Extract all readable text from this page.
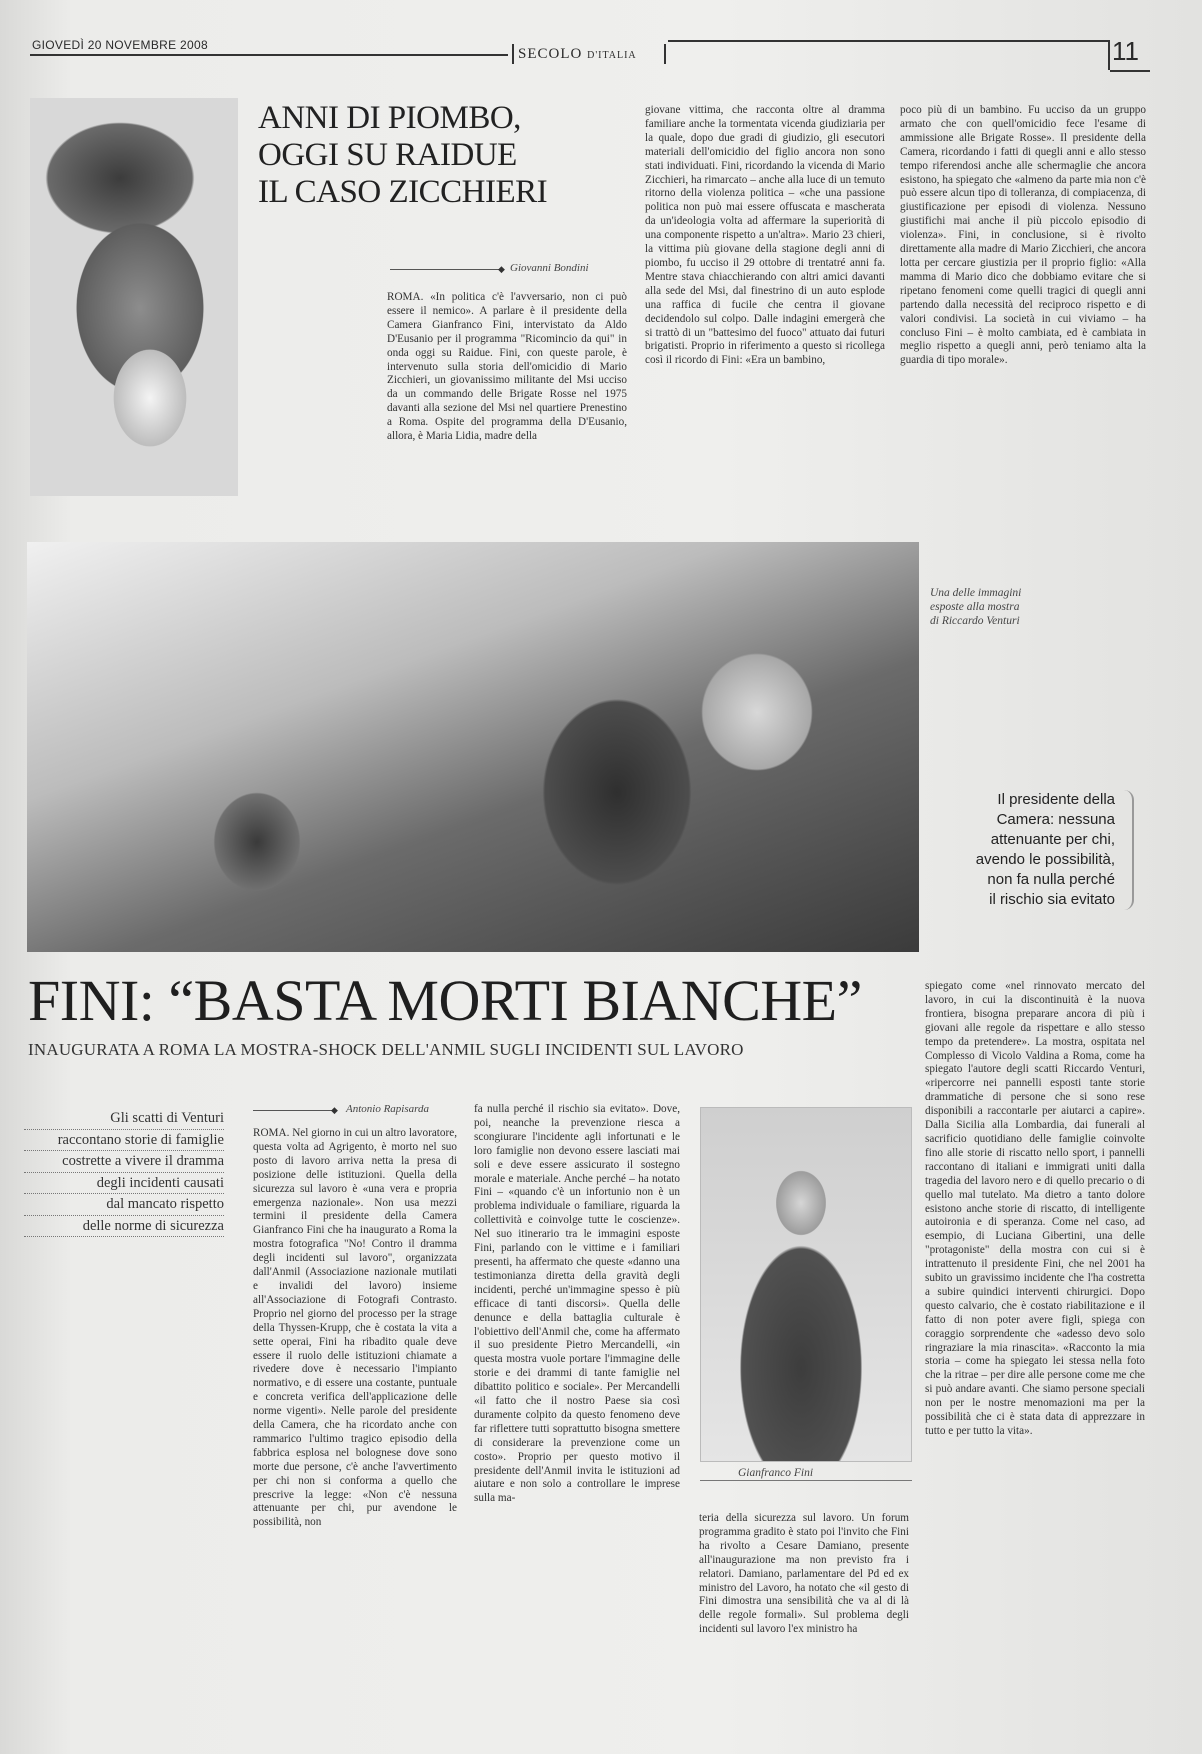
GIOVEDÌ 20 NOVEMBRE 2008
SECOLO D'ITALIA	11
ANNI DI PIOMBO,
OGGI SU RAIDUE
IL CASO ZICCHIERI
◆ Giovanni Bondini
ROMA. «In politica c'è l'avversario, non ci può essere il nemico». A parlare è il presidente della Camera Gianfranco Fini, intervistato da Aldo D'Eusanio per il programma "Ricomincio da qui" in onda oggi su Raidue. Fini, con queste parole, è intervenuto sulla storia dell'omicidio di Mario Zicchieri, un giovanissimo militante del Msi ucciso da un commando delle Brigate Rosse nel 1975 davanti alla sezione del Msi nel quartiere Prenestino a Roma. Ospite del programma della D'Eusanio, allora, è Maria Lidia, madre della
giovane vittima, che racconta oltre al dramma familiare anche la tormentata vicenda giudiziaria per la quale, dopo due gradi di giudizio, gli esecutori materiali dell'omicidio del figlio ancora non sono stati individuati. Fini, ricordando la vicenda di Mario Zicchieri, ha rimarcato – anche alla luce di un temuto ritorno della violenza politica – «che una passione politica non può mai essere offuscata e mascherata da un'ideologia volta ad affermare la superiorità di una componente rispetto a un'altra». Mario 23 chieri, la vittima più giovane della stagione degli anni di piombo, fu ucciso il 29 ottobre di trentatré anni fa. Mentre stava chiacchierando con altri amici davanti alla sede del Msi, dal finestrino di un auto esplode una raffica di fucile che centra il giovane decidendolo sul colpo. Dalle indagini emergerà che si trattò di un "battesimo del fuoco" attuato dai futuri brigatisti. Proprio in riferimento a questo si ricollega così il ricordo di Fini: «Era un bambino,
poco più di un bambino. Fu ucciso da un gruppo armato che con quell'omicidio fece l'esame di ammissione alle Brigate Rosse». Il presidente della Camera, ricordando i fatti di quegli anni e allo stesso tempo riferendosi anche alle schermaglie che ancora esistono, ha spiegato che «almeno da parte mia non c'è può essere alcun tipo di tolleranza, di compiacenza, di giustificazione per episodi di violenza. Nessuno giustifichi mai anche il più piccolo episodio di violenza». Fini, in conclusione, si è rivolto direttamente alla madre di Mario Zicchieri, che ancora lotta per cercare giustizia per il proprio figlio: «Alla mamma di Mario dico che dobbiamo evitare che si ripetano fenomeni come quelli tragici di quegli anni partendo dalla necessità del reciproco rispetto e di valori condivisi. La società in cui viviamo – ha concluso Fini – è molto cambiata, ed è cambiata in meglio rispetto a quegli anni, però teniamo alta la guardia di tipo morale».
Una delle immagini
esposte alla mostra
di Riccardo Venturi
Il presidente della
Camera: nessuna
attenuante per chi,
avendo le possibilità,
non fa nulla perché
il rischio sia evitato
FINI: “BASTA MORTI BIANCHE”
INAUGURATA A ROMA LA MOSTRA-SHOCK DELL'ANMIL SUGLI INCIDENTI SUL LAVORO
Gli scatti di Venturi
raccontano storie di famiglie
costrette a vivere il dramma
degli incidenti causati
dal mancato rispetto
delle norme di sicurezza
◆ Antonio Rapisarda
ROMA. Nel giorno in cui un altro lavoratore, questa volta ad Agrigento, è morto nel suo posto di lavoro arriva netta la presa di posizione delle istituzioni. Quella della sicurezza sul lavoro è «una vera e propria emergenza nazionale». Non usa mezzi termini il presidente della Camera Gianfranco Fini che ha inaugurato a Roma la mostra fotografica "No! Contro il dramma degli incidenti sul lavoro", organizzata dall'Anmil (Associazione nazionale mutilati e invalidi del lavoro) insieme all'Associazione di Fotografi Contrasto. Proprio nel giorno del processo per la strage della Thyssen-Krupp, che è costata la vita a sette operai, Fini ha ribadito quale deve essere il ruolo delle istituzioni chiamate a rivedere dove è necessario l'impianto normativo, e di essere una costante, puntuale e concreta verifica dell'applicazione delle norme vigenti». Nelle parole del presidente della Camera, che ha ricordato anche con rammarico l'ultimo tragico episodio della fabbrica esplosa nel bolognese dove sono morte due persone, c'è anche l'avvertimento per chi non si conforma a quello che prescrive la legge: «Non c'è nessuna attenuante per chi, pur avendone le possibilità, non
fa nulla perché il rischio sia evitato». Dove, poi, neanche la prevenzione riesca a scongiurare l'incidente agli infortunati e le loro famiglie non devono essere lasciati mai soli e deve essere assicurato il sostegno morale e materiale. Anche perché – ha notato Fini – «quando c'è un infortunio non è un problema individuale o familiare, riguarda la collettività e coinvolge tutte le coscienze». Nel suo itinerario tra le immagini esposte Fini, parlando con le vittime e i familiari presenti, ha affermato che queste «danno una testimonianza diretta della gravità degli incidenti, perché un'immagine spesso è più efficace di tanti discorsi». Quella delle denunce e della battaglia culturale è l'obiettivo dell'Anmil che, come ha affermato il suo presidente Pietro Mercandelli, «in questa mostra vuole portare l'immagine delle storie e dei drammi di tante famiglie nel dibattito politico e sociale». Per Mercandelli «il fatto che il nostro Paese sia così duramente colpito da questo fenomeno deve far riflettere tutti soprattutto bisogna smettere di considerare la prevenzione come un costo». Proprio per questo motivo il presidente dell'Anmil invita le istituzioni ad aiutare e non solo a controllare le imprese sulla ma-
Gianfranco Fini
teria della sicurezza sul lavoro. Un forum programma gradito è stato poi l'invito che Fini ha rivolto a Cesare Damiano, presente all'inaugurazione ma non previsto fra i relatori. Damiano, parlamentare del Pd ed ex ministro del Lavoro, ha notato che «il gesto di Fini dimostra una sensibilità che va al di là delle regole formali». Sul problema degli incidenti sul lavoro l'ex ministro ha
spiegato come «nel rinnovato mercato del lavoro, in cui la discontinuità è la nuova frontiera, bisogna preparare ancora di più i giovani alle regole da rispettare e allo stesso tempo da pretendere». La mostra, ospitata nel Complesso di Vicolo Valdina a Roma, come ha spiegato l'autore degli scatti Riccardo Venturi, «ripercorre nei pannelli esposti tante storie drammatiche di persone che si sono rese disponibili a raccontarle per aiutarci a capire». Dalla Sicilia alla Lombardia, dai funerali al sacrificio quotidiano delle famiglie coinvolte fino alle storie di riscatto nello sport, i pannelli raccontano di italiani e immigrati uniti dalla tragedia del lavoro nero e di quello precario o di quello mal tutelato. Ma dietro a tanto dolore esistono anche storie di riscatto, di intelligente autoironia e di speranza. Come nel caso, ad esempio, di Luciana Gibertini, una delle "protagoniste" della mostra con cui si è intrattenuto il presidente Fini, che nel 2001 ha subito un gravissimo incidente che l'ha costretta a subire quindici interventi chirurgici. Dopo questo calvario, che è costato riabilitazione e il fatto di non poter avere figli, spiega con coraggio sorprendente che «adesso devo solo ringraziare la mia rinascita». «Racconto la mia storia – come ha spiegato lei stessa nella foto che la ritrae – per dire alle persone come me che si può andare avanti. Che siamo persone speciali non per le nostre menomazioni ma per la possibilità che ci è stata data di apprezzare in tutto e per tutto la vita».
